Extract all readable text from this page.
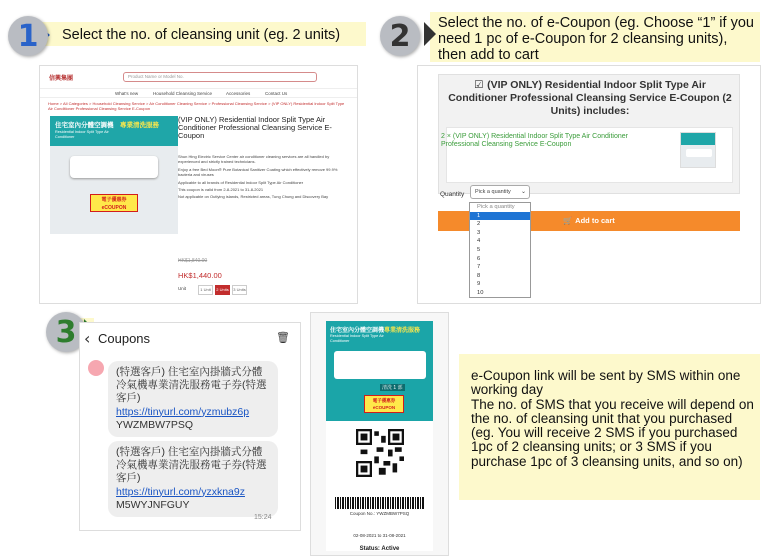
1	Select the no. of cleansing unit (eg. 2 units)	2	Select the no. of e-Coupon (eg. Choose “1” if you need 1 pc of e-Coupon for 2 cleansing units), then add to cart
信興集團	Product Name or Model No.
What's new	Household Cleansing Service	Accessories	Contact Us
Home > All Categories > Household Cleansing Service > Air Conditioner Cleaning Service > Professional Cleansing Service > (VIP ONLY) Residential Indoor Split Type Air Conditioner Professional Cleansing Service E-Coupon
住宅室內分體空調機 專業清洗服務
Residential Indoor Split Type Air Conditioner
電子優惠券 eCOUPON
(VIP ONLY) Residential Indoor Split Type Air Conditioner Professional Cleansing Service E-Coupon
Shun Hing Electric Service Center air conditioner cleaning services are all handled by experienced and strictly trained technicians.
Enjoy a free Bed Moon® Pure Botanical Sanitizer Coating which effectively remove 99.9% bacteria and viruses
Applicable to all brands of Residential Indoor Split Type Air Conditioner
This coupon is valid from 2-8-2021 to 31-8-2021
Not applicable on Outlying islands, Restricted areas, Tung Chung and Discovery Bay
HK$1,840.00
HK$1,440.00
Unit	1 Unit	2 Units	3 Units
☑ (VIP ONLY) Residential Indoor Split Type Air Conditioner Professional Cleansing Service E-Coupon (2 Units) includes:
2 × (VIP ONLY) Residential Indoor Split Type Air Conditioner Professional Cleansing Service E-Coupon
Quantity	Pick a quantity ⌄
🛒 Add to cart
Pick a quantity
1
2
3
4
5
6
7
8
9
10
3 ‹ Coupons	🗑
(特選客戶) 住宅室內掛牆式分體冷氣機專業清洗服務電子券(特選客戶)
https://tinyurl.com/yzmubz6p
YWZMBW7PSQ
(特選客戶) 住宅室內掛牆式分體冷氣機專業清洗服務電子券(特選客戶)
https://tinyurl.com/yzxkna9z
M5WYJNFGUY
15:24
住宅室內分體空調機 專業清洗服務
Residential Indoor Split Type Air Conditioner
清洗 1 部
電子優惠券 eCOUPON
Coupon No.: YWZMBW7PSQ
02-08-2021 to 31-08-2021
Status: Active

e-Coupon link will be sent by SMS within one working day
The no. of SMS that you receive will depend on the no. of cleansing unit that you purchased
(eg. You will receive 2 SMS if you purchased 1pc of 2 cleansing units; or 3 SMS if you purchase 1pc of 3 cleansing units, and so on)
